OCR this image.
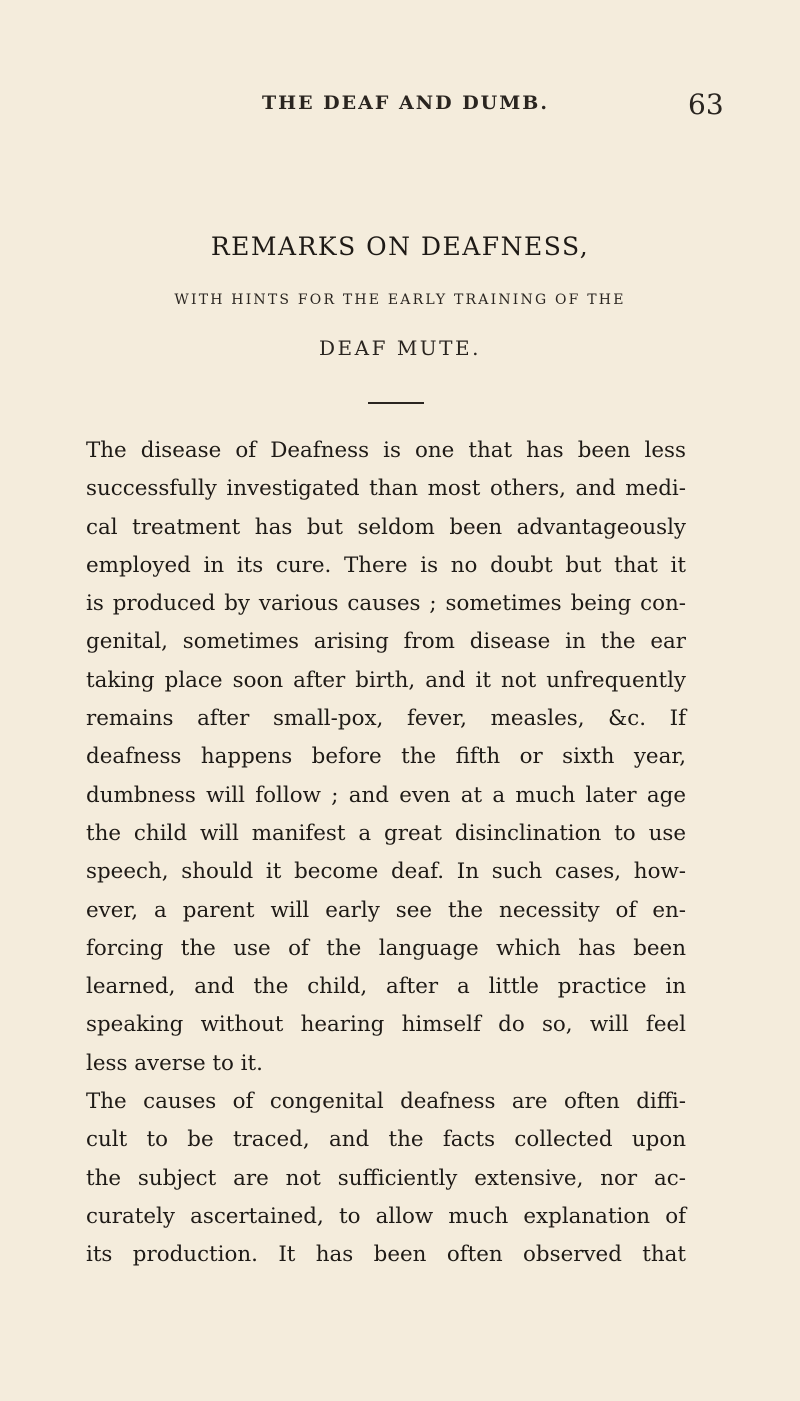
THE DEAF AND DUMB.	63
REMARKS ON DEAFNESS,
WITH HINTS FOR THE EARLY TRAINING OF THE
DEAF MUTE.
The disease of Deafness is one that has been less
successfully investigated than most others, and medi-
cal treatment has but seldom been advantageously
employed in its cure. There is no doubt but that it
is produced by various causes ; sometimes being con-
genital, sometimes arising from disease in the ear
taking place soon after birth, and it not unfrequently
remains after small-pox, fever, measles, &c. If
deafness happens before the fifth or sixth year,
dumbness will follow ; and even at a much later age
the child will manifest a great disinclination to use
speech, should it become deaf. In such cases, how-
ever, a parent will early see the necessity of en-
forcing the use of the language which has been
learned, and the child, after a little practice in
speaking without hearing himself do so, will feel
less averse to it.
The causes of congenital deafness are often diffi-
cult to be traced, and the facts collected upon
the subject are not sufficiently extensive, nor ac-
curately ascertained, to allow much explanation of
its production. It has been often observed that
